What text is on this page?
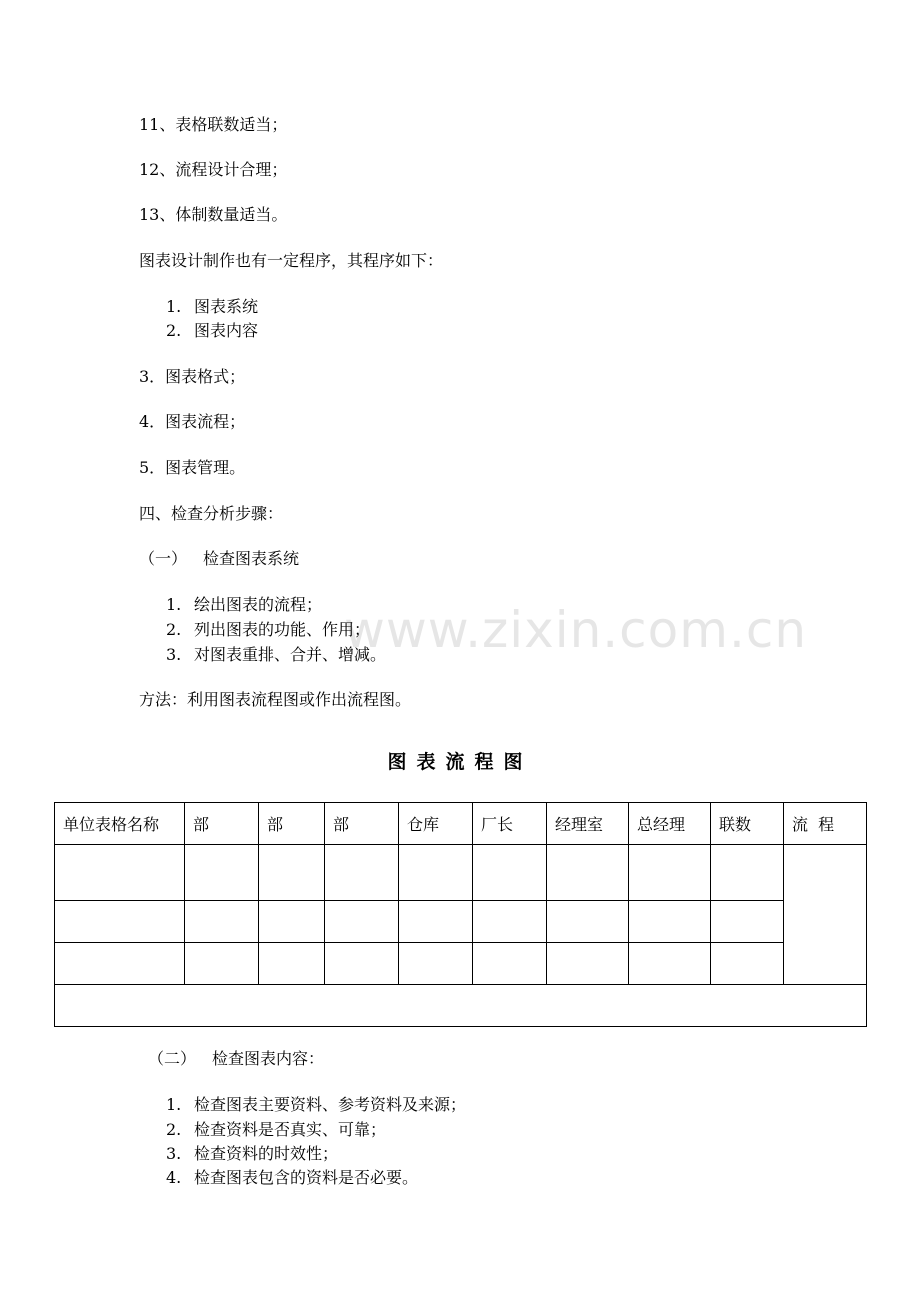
www.zixin.com.cn
11、表格联数适当；
12、流程设计合理；
13、体制数量适当。
图表设计制作也有一定程序，其程序如下：
1. 图表系统
2. 图表内容
3．图表格式；
4．图表流程；
5．图表管理。
四、检查分析步骤：
（一） 检查图表系统
1. 绘出图表的流程；
2. 列出图表的功能、作用；
3. 对图表重排、合并、增减。
方法：利用图表流程图或作出流程图。
图表流程图
单位表格名称	部	部	部	仓库	厂长	经理室	总经理	联数	流  程

（二） 检查图表内容：
1. 检查图表主要资料、参考资料及来源；
2. 检查资料是否真实、可靠；
3. 检查资料的时效性；
4. 检查图表包含的资料是否必要。
